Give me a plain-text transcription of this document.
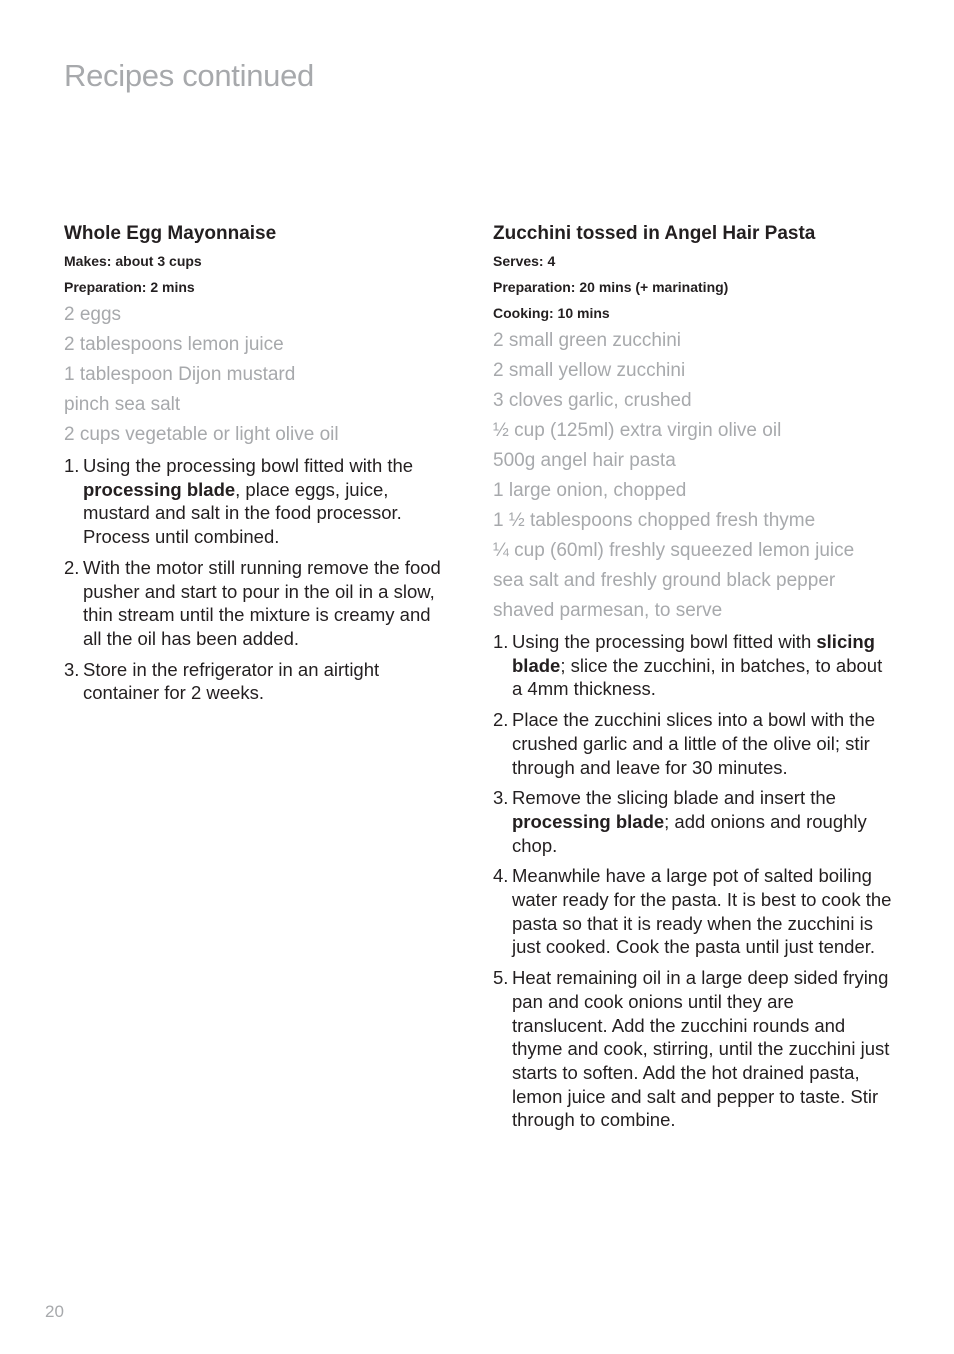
Recipes continued
Whole Egg Mayonnaise

Makes: about 3 cups

Preparation: 2 mins

2 eggs
2 tablespoons lemon juice
1 tablespoon Dijon mustard
pinch sea salt
2 cups vegetable or light olive oil
1. Using the processing bowl fitted with the processing blade, place eggs, juice, mustard and salt in the food processor. Process until combined.
2. With the motor still running remove the food pusher and start to pour in the oil in a slow, thin stream until the mixture is creamy and all the oil has been added.
3. Store in the refrigerator in an airtight container for 2 weeks.
Zucchini tossed in Angel Hair Pasta

Serves: 4

Preparation: 20 mins (+ marinating)

Cooking: 10 mins

2 small green zucchini
2 small yellow zucchini
3 cloves garlic, crushed
½ cup (125ml) extra virgin olive oil
500g angel hair pasta
1 large onion, chopped
1 ½ tablespoons chopped fresh thyme
¼ cup (60ml) freshly squeezed lemon juice
sea salt and freshly ground black pepper
shaved parmesan, to serve
1. Using the processing bowl fitted with slicing blade; slice the zucchini, in batches, to about a 4mm thickness.
2. Place the zucchini slices into a bowl with the crushed garlic and a little of the olive oil; stir through and leave for 30 minutes.
3. Remove the slicing blade and insert the processing blade; add onions and roughly chop.
4. Meanwhile have a large pot of salted boiling water ready for the pasta. It is best to cook the pasta so that it is ready when the zucchini is just cooked. Cook the pasta until just tender.
5. Heat remaining oil in a large deep sided frying pan and cook onions until they are translucent. Add the zucchini rounds and thyme and cook, stirring, until the zucchini just starts to soften. Add the hot drained pasta, lemon juice and salt and pepper to taste. Stir through to combine.
20
